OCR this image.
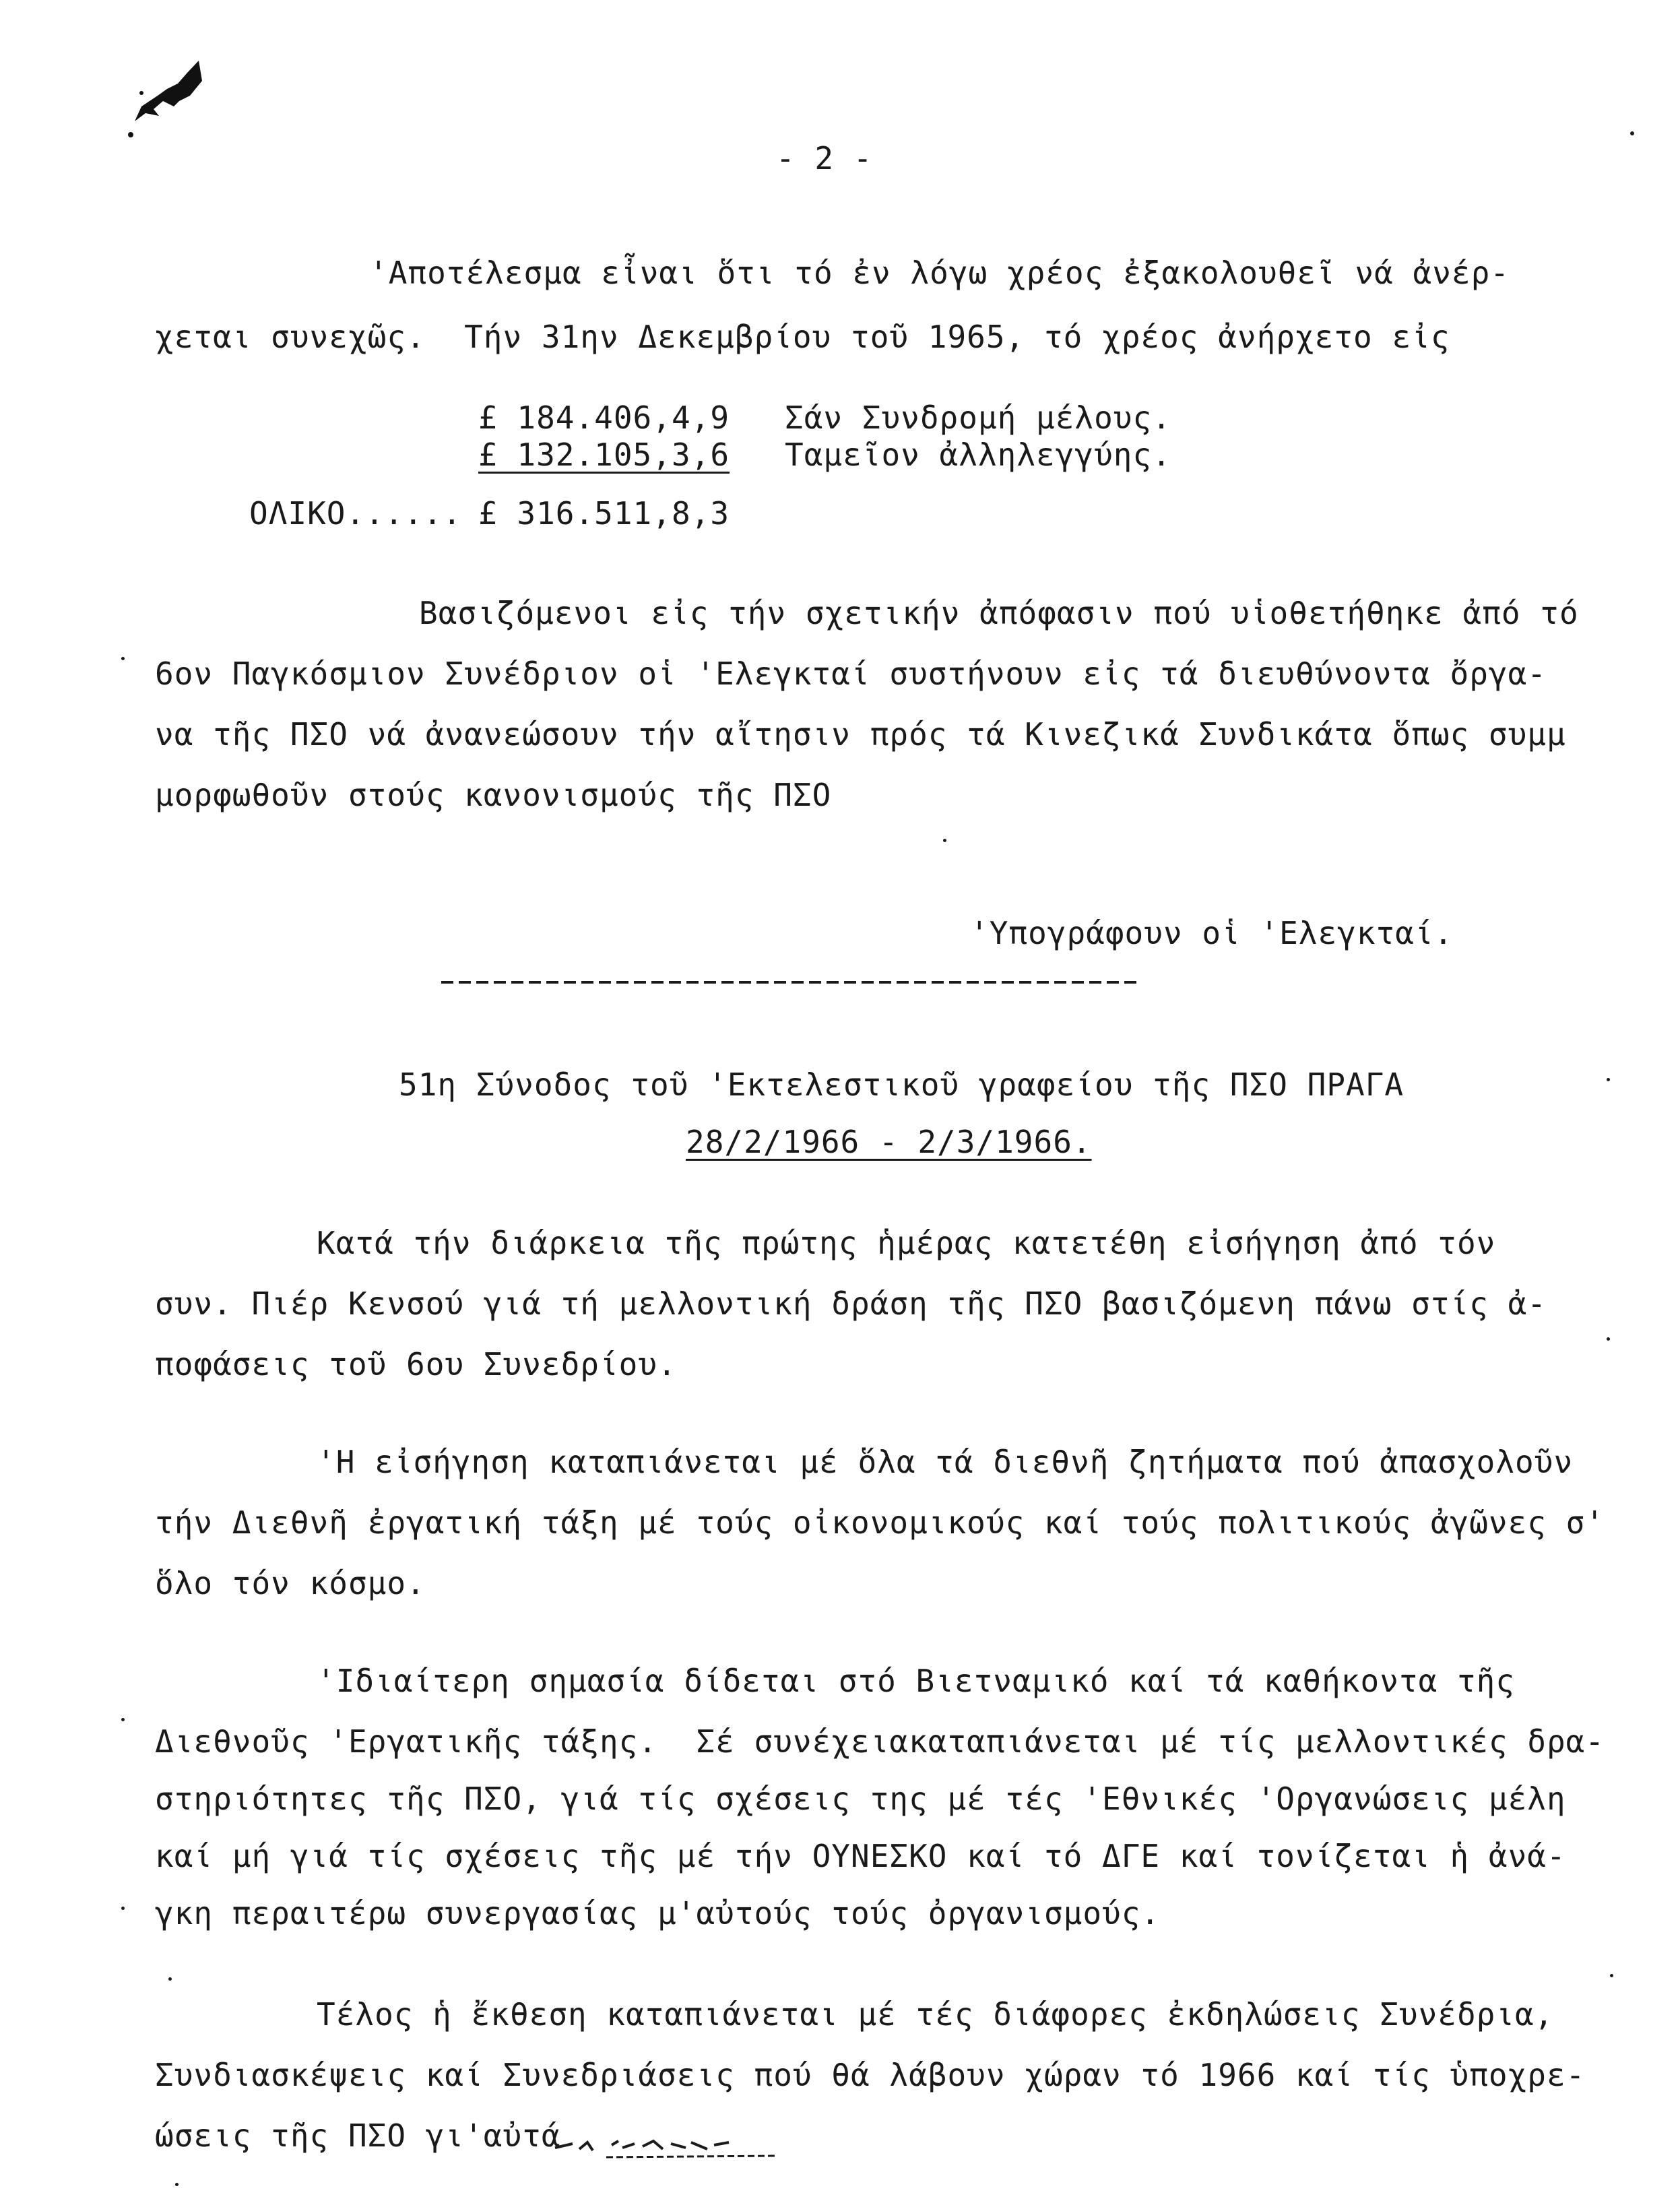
- 2 -
'Αποτέλεσμα εἶναι ὅτι τό ἐν λόγω χρέος ἐξακολουθεῖ νά ἀνέρ-
χεται συνεχῶς.  Τήν 31ην Δεκεμβρίου τοῦ 1965, τό χρέος ἀνήρχετο εἰς
£ 184.406,4,9 Σάν Συνδρομή μέλους.
£ 132.105,3,6 Ταμεῖον ἀλληλεγγύης.
ΟΛΙΚΟ...... £ 316.511,8,3
Βασιζόμενοι εἰς τήν σχετικήν ἀπόφασιν πού υἱοθετήθηκε ἀπό τό
6ον Παγκόσμιον Συνέδριον οἱ 'Ελεγκταί συστήνουν εἰς τά διευθύνοντα ὄργα-
να τῆς ΠΣΟ νά ἀνανεώσουν τήν αἴτησιν πρός τά Κινεζικά Συνδικάτα ὅπως συμμ
μορφωθοῦν στούς κανονισμούς τῆς ΠΣΟ
'Υπογράφουν οἱ 'Ελεγκταί.
51η Σύνοδος τοῦ 'Εκτελεστικοῦ γραφείου τῆς ΠΣΟ ΠΡΑΓΑ
28/2/1966 - 2/3/1966.
Κατά τήν διάρκεια τῆς πρώτης ἡμέρας κατετέθη εἰσήγηση ἀπό τόν
συν. Πιέρ Κενσού γιά τή μελλοντική δράση τῆς ΠΣΟ βασιζόμενη πάνω στίς ἀ-
ποφάσεις τοῦ 6ου Συνεδρίου.
'Η εἰσήγηση καταπιάνεται μέ ὅλα τά διεθνῆ ζητήματα πού ἀπασχολοῦν
τήν Διεθνῆ ἐργατική τάξη μέ τούς οἰκονομικούς καί τούς πολιτικούς ἀγῶνες σ'
ὅλο τόν κόσμο.
'Ιδιαίτερη σημασία δίδεται στό Βιετναμικό καί τά καθήκοντα τῆς
Διεθνοῦς 'Εργατικῆς τάξης.  Σέ συνέχειακαταπιάνεται μέ τίς μελλοντικές δρα-
στηριότητες τῆς ΠΣΟ, γιά τίς σχέσεις της μέ τές 'Εθνικές 'Οργανώσεις μέλη
καί μή γιά τίς σχέσεις τῆς μέ τήν ΟΥΝΕΣΚΟ καί τό ΔΓΕ καί τονίζεται ἡ ἀνά-
γκη περαιτέρω συνεργασίας μ'αὐτούς τούς ὀργανισμούς.
Τέλος ἡ ἔκθεση καταπιάνεται μέ τές διάφορες ἐκδηλώσεις Συνέδρια,
Συνδιασκέψεις καί Συνεδριάσεις πού θά λάβουν χώραν τό 1966 καί τίς ὑποχρε-
ώσεις τῆς ΠΣΟ γι'αὐτά
